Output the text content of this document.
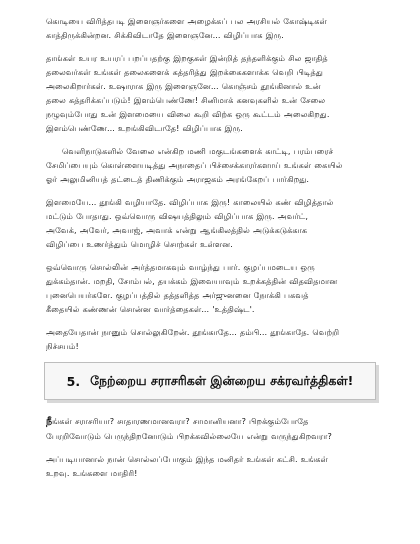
கொடியை விரித்தபடி இளைஞர்களை அழைக்கப் பல அரசியல் கோஷ்டிகள்
காத்திருக்கின்றன. சிக்கிவிடாதே இளைஞனே... விழிப்பாக இரு.
தாங்கள் உயர உயரப் பறப்பதற்கு இறகுகள் இன்றித் தந்தளிக்கும் சில ஜாதித்
தலைவர்கள் உங்கள் தலைகளைக் கத்தரித்து இறக்கைகளாக்க வெறி பிடித்து
அலைகிறார்கள். உஷாராக இரு இளைஞனே... கொஞ்சம் தூங்கினால் உன்
தலை கத்தரிக்கப்படும்! இளம்பெண்ணே! சினிமாக் கனவுகளில் உன் சேலை
நழுவும்போது உன் இளமையை விலை கூறி விற்க ஒரு கூட்டம் அலைகிறது.
இளம்பெண்ணே... உறங்கிவிடாதே! விழிப்பாக இரு.
வெளிநாடுகளில் வேலை என்கிற மணி மகுடங்களைக் காட்டி, பரம்பரைச்
சேமிப்பையும் கொள்ளையடித்து அநாதைப் பிச்சைக்காரர்களாய் உங்கள் கையில்
ஓர் அலுமினியத் தட்டைத் திணிக்கும் அராஜகம் அரங்கேறப் பார்கிறது.
இளமையே... தூங்கி வழியாதே. விழிப்பாக இரு! காலையில் கண் விழித்தால்
மட்டும் போதாது. ஒவ்வொரு விஷயத்திலும் விழிப்பாக இரு. அவர்ட்,
அவேக், அவேர், அவாஜ், அவாக் என்று ஆங்கிலத்தில் அடுக்கடுக்காக
விழிப்பை உணர்த்தும் மொழிச் சொற்கள் உள்ளன.
ஒவ்வொரு சொல்லின் அர்த்தமாகவும் வாழ்ந்து பார். குழப்பமடைய ஒரு
துக்கம்தான். மறதி, சோம்பல், தயக்கம் இவையாவும் உறக்கத்தின் விதவிதமான
புனைபெயர்களே. குழப்பத்தில் தத்தளித்த அர்ஜுனனை நோக்கி பகவத்
கீதையில் கண்ணன் சொன்ன வார்த்தைகள்... 'உத்திஷ்ட'.
அதையேதான் நானும் சொல்லுகிறேன். தூங்காதே... தம்பி... தூங்காதே. வெற்றி
நிச்சயம்!
5. நேற்றைய சராசரிகள் இன்றைய சக்ரவர்த்திகள்!
நீங்கள் சராசரியா? சாதாரணமானவரா? சாமானியனா? பிறக்கும்போதே
பேரறிவோடும் பெருந்திறனோடும் பிறக்கவில்லையே என்று வருந்துகிறவரா?
அப்படியானால் நான் சொல்லப்போகும் இந்த மனிதர் உங்கள் கட்சி. உங்கள்
உறவு. உங்களை மாதிரி!
